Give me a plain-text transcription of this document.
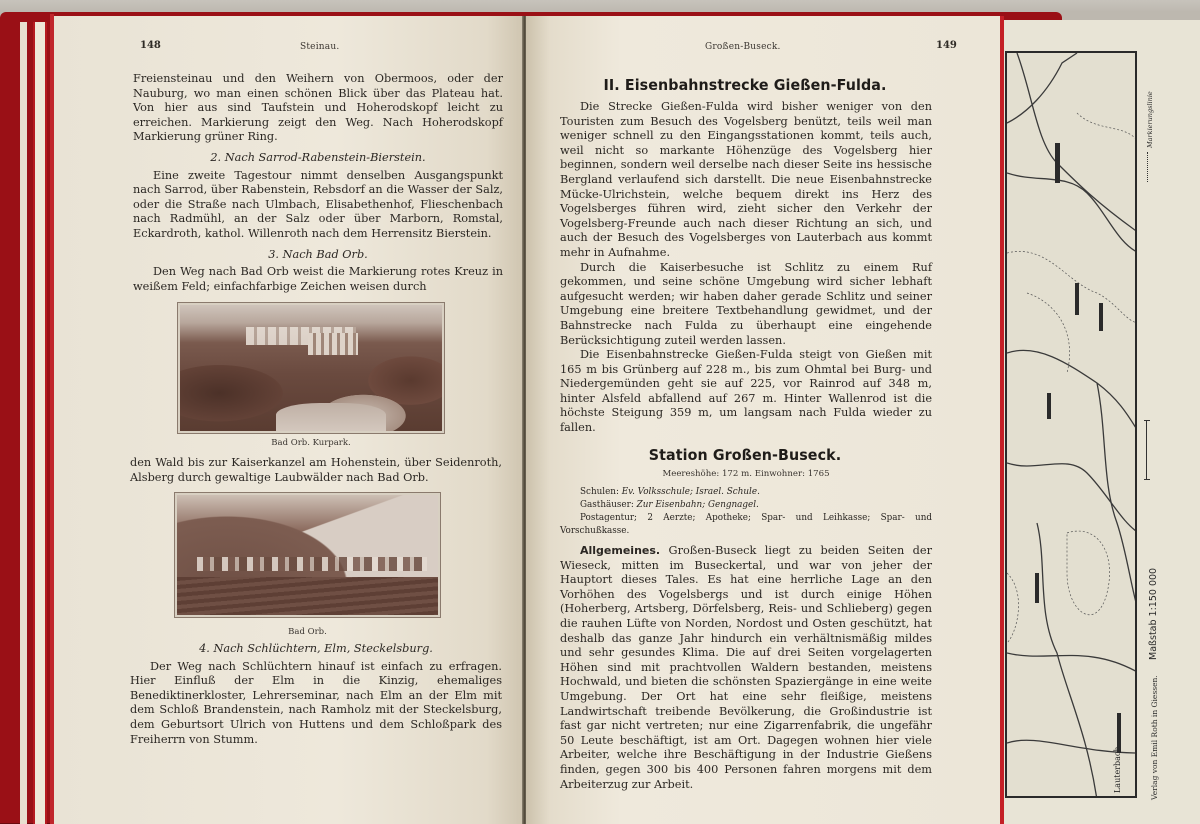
148	Steinau.

Freiensteinau und den Weihern von Obermoos, oder der Nauburg, wo man einen schönen Blick über das Plateau hat. Von hier aus sind Taufstein und Hoherodskopf leicht zu erreichen. Markierung zeigt den Weg. Nach Hoherodskopf Markierung grüner Ring.

2. Nach Sarrod-Rabenstein-Bierstein.

Eine zweite Tagestour nimmt denselben Ausgangspunkt nach Sarrod, über Rabenstein, Rebsdorf an die Wasser der Salz, oder die Straße nach Ulmbach, Elisabethenhof, Flieschenbach nach Radmühl, an der Salz oder über Marborn, Romstal, Eckardroth, kathol. Willenroth nach dem Herrensitz Bierstein.

3. Nach Bad Orb.

Den Weg nach Bad Orb weist die Markierung rotes Kreuz in weißem Feld; einfachfarbige Zeichen weisen durch

Bad Orb. Kurpark.

den Wald bis zur Kaiserkanzel am Hohenstein, über Seidenroth, Alsberg durch gewaltige Laubwälder nach Bad Orb.

Bad Orb.
4. Nach Schlüchtern, Elm, Steckelsburg.

Der Weg nach Schlüchtern hinauf ist einfach zu erfragen. Hier Einfluß der Elm in die Kinzig, ehemaliges Benediktinerkloster, Lehrerseminar, nach Elm an der Elm mit dem Schloß Brandenstein, nach Ramholz mit der Steckelsburg, dem Geburtsort Ulrich von Huttens und dem Schloßpark des Freiherrn von Stumm.

Großen-Buseck.	149
II. Eisenbahnstrecke Gießen-Fulda.

Die Strecke Gießen-Fulda wird bisher weniger von den Touristen zum Besuch des Vogelsberg benützt, teils weil man weniger schnell zu den Eingangsstationen kommt, teils auch, weil nicht so markante Höhenzüge des Vogelsberg hier beginnen, sondern weil derselbe nach dieser Seite ins hessische Bergland verlaufend sich darstellt. Die neue Eisenbahnstrecke Mücke-Ulrichstein, welche bequem direkt ins Herz des Vogelsberges führen wird, zieht sicher den Verkehr der Vogelsberg-Freunde auch nach dieser Richtung an sich, und auch der Besuch des Vogelsberges von Lauterbach aus kommt mehr in Aufnahme.

Durch die Kaiserbesuche ist Schlitz zu einem Ruf gekommen, und seine schöne Umgebung wird sicher lebhaft aufgesucht werden; wir haben daher gerade Schlitz und seiner Umgebung eine breitere Textbehandlung gewidmet, und der Bahnstrecke nach Fulda zu überhaupt eine eingehende Berücksichtigung zuteil werden lassen.

Die Eisenbahnstrecke Gießen-Fulda steigt von Gießen mit 165 m bis Grünberg auf 228 m., bis zum Ohmtal bei Burg- und Niedergemünden geht sie auf 225, vor Rainrod auf 348 m, hinter Alsfeld abfallend auf 267 m. Hinter Wallenrod ist die höchste Steigung 359 m, um langsam nach Fulda wieder zu fallen.

Station Großen-Buseck.
Meereshöhe: 172 m. Einwohner: 1765

Schulen: Ev. Volksschule; Israel. Schule.

Gasthäuser: Zur Eisenbahn; Gengnagel.

Postagentur; 2 Aerzte; Apotheke; Spar- und Leihkasse; Spar- und Vorschußkasse.

Allgemeines. Großen-Buseck liegt zu beiden Seiten der Wieseck, mitten im Buseckertal, und war von jeher der Hauptort dieses Tales. Es hat eine herrliche Lage an den Vorhöhen des Vogelsbergs und ist durch einige Höhen (Hoherberg, Artsberg, Dörfelsberg, Reis- und Schlieberg) gegen die rauhen Lüfte von Norden, Nordost und Osten geschützt, hat deshalb das ganze Jahr hindurch ein verhältnismäßig mildes und sehr gesundes Klima. Die auf drei Seiten vorgelagerten Höhen sind mit prachtvollen Waldern bestanden, meistens Hochwald, und bieten die schönsten Spaziergänge in eine weite Umgebung. Der Ort hat eine sehr fleißige, meistens Landwirtschaft treibende Bevölkerung, die Großindustrie ist fast gar nicht vertreten; nur eine Zigarrenfabrik, die ungefähr 50 Leute beschäftigt, ist am Ort. Dagegen wohnen hier viele Arbeiter, welche ihre Beschäftigung in der Industrie Gießens finden, gegen 300 bis 400 Personen fahren morgens mit dem Arbeiterzug zur Arbeit.	Lauterbach
Markierungslinie
Maßstab 1:150 000
Verlag von Emil Roth in Giessen.
